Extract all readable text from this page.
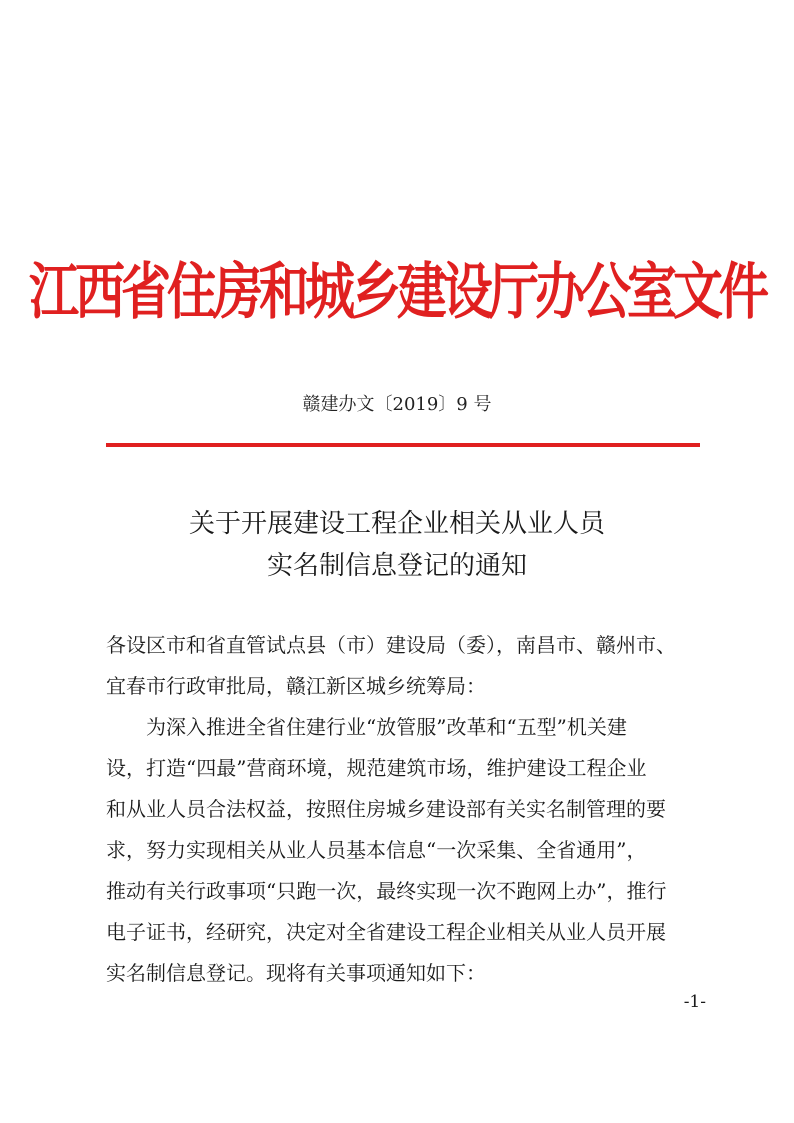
江西省住房和城乡建设厅办公室文件
赣建办文〔2019〕9 号
关于开展建设工程企业相关从业人员
实名制信息登记的通知
各设区市和省直管试点县（市）建设局（委），南昌市、赣州市、
宜春市行政审批局，赣江新区城乡统筹局：
为深入推进全省住建行业“放管服”改革和“五型”机关建
设，打造“四最”营商环境，规范建筑市场，维护建设工程企业
和从业人员合法权益，按照住房城乡建设部有关实名制管理的要
求，努力实现相关从业人员基本信息“一次采集、全省通用”，
推动有关行政事项“只跑一次，最终实现一次不跑网上办”，推行
电子证书，经研究，决定对全省建设工程企业相关从业人员开展
实名制信息登记。现将有关事项通知如下：
-1-
